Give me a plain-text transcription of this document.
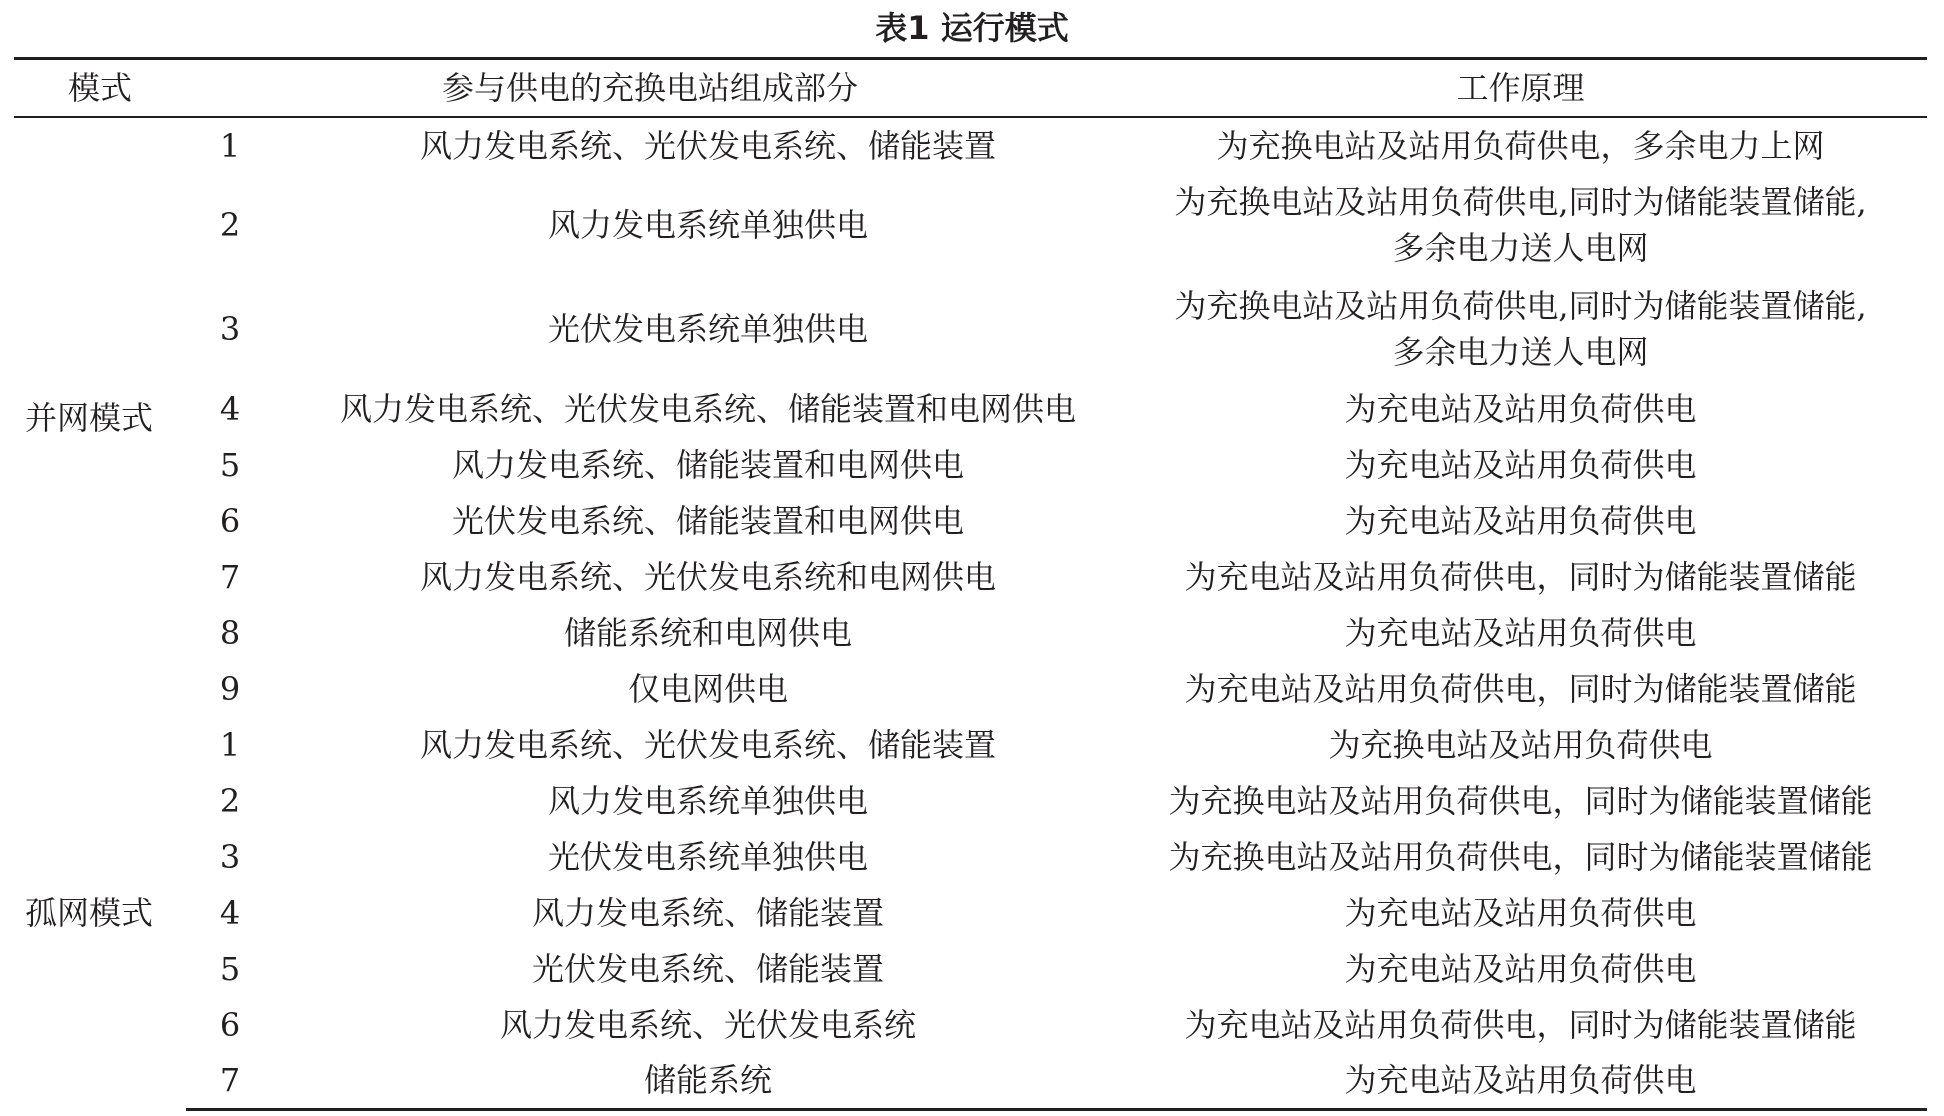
表1 运行模式
模式	参与供电的充换电站组成部分		工作原理
并网模式	1	风力发电系统、光伏发电系统、储能装置	为充换电站及站用负荷供电，多余电力上网
	2	风力发电系统单独供电	为充换电站及站用负荷供电,同时为储能装置储能,
多余电力送人电网

	3	光伏发电系统单独供电	为充换电站及站用负荷供电,同时为储能装置储能,
多余电力送人电网

	4	风力发电系统、光伏发电系统、储能装置和电网供电	为充电站及站用负荷供电
	5	风力发电系统、储能装置和电网供电	为充电站及站用负荷供电
	6	光伏发电系统、储能装置和电网供电	为充电站及站用负荷供电
	7	风力发电系统、光伏发电系统和电网供电	为充电站及站用负荷供电，同时为储能装置储能
	8	储能系统和电网供电	为充电站及站用负荷供电
	9	仅电网供电	为充电站及站用负荷供电，同时为储能装置储能
孤网模式	1	风力发电系统、光伏发电系统、储能装置	为充换电站及站用负荷供电
	2	风力发电系统单独供电	为充换电站及站用负荷供电，同时为储能装置储能
	3	光伏发电系统单独供电	为充换电站及站用负荷供电，同时为储能装置储能
	4	风力发电系统、储能装置	为充电站及站用负荷供电
	5	光伏发电系统、储能装置	为充电站及站用负荷供电
	6	风力发电系统、光伏发电系统	为充电站及站用负荷供电，同时为储能装置储能
	7	储能系统	为充电站及站用负荷供电
